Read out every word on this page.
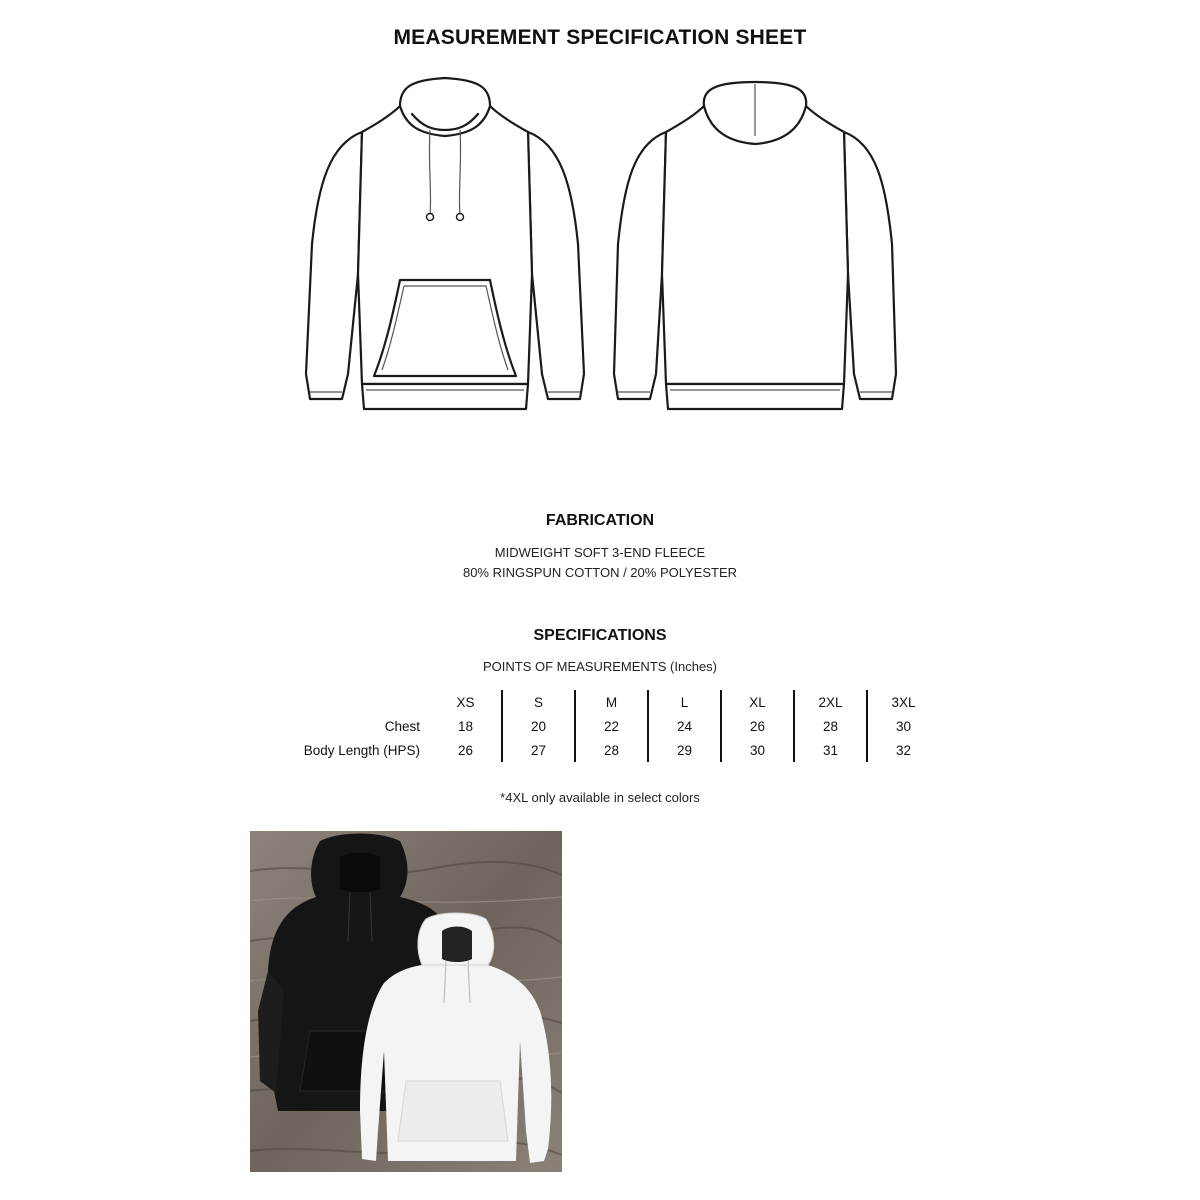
MEASUREMENT SPECIFICATION SHEET
FABRICATION
MIDWEIGHT SOFT 3-END FLEECE
80% RINGSPUN COTTON / 20% POLYESTER
SPECIFICATIONS
POINTS OF MEASUREMENTS (Inches)
	XS	S	M	L	XL	2XL	3XL
Chest	18	20	22	24	26	28	30
Body Length (HPS)	26	27	28	29	30	31	32
*4XL only available in select colors
